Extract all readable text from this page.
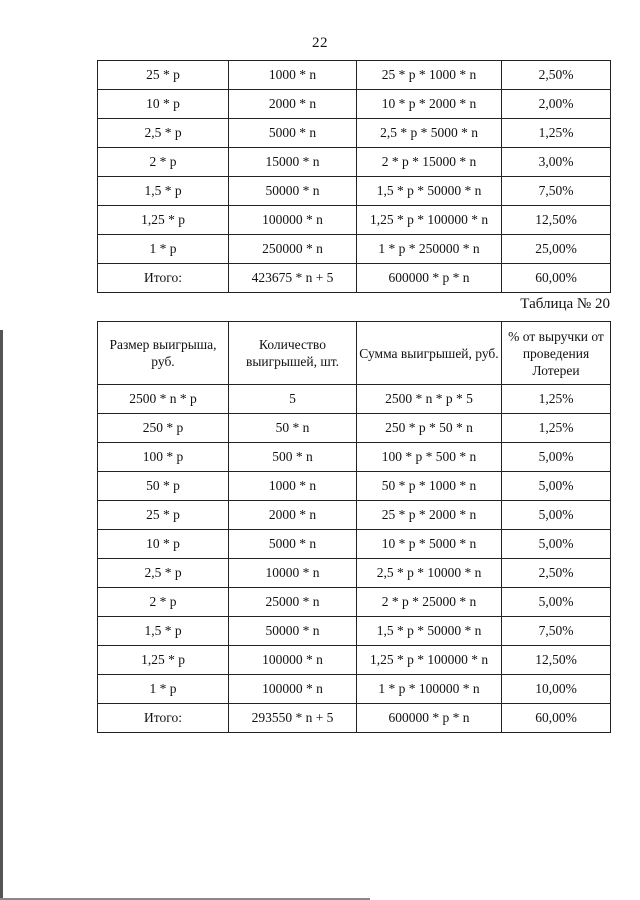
22
25 * p	1000 * n	25 * p * 1000 * n	2,50%
10 * p	2000 * n	10 * p * 2000 * n	2,00%
2,5 * p	5000 * n	2,5 * p * 5000 * n	1,25%
2 * p	15000 * n	2 * p * 15000 * n	3,00%
1,5 * p	50000 * n	1,5 * p * 50000 * n	7,50%
1,25 * p	100000 * n	1,25 * p * 100000 * n	12,50%
1 * p	250000 * n	1 * p * 250000 * n	25,00%
Итого:	423675 * n + 5	600000 * p * n	60,00%
Таблица № 20
Размер выигрыша, руб.	Количество выигрышей, шт.	Сумма выигрышей, руб.	% от выручки от проведения Лотереи
2500 * n * p	5	2500 * n * p * 5	1,25%
250 * p	50 * n	250 * p * 50 * n	1,25%
100 * p	500 * n	100 * p * 500 * n	5,00%
50 * p	1000 * n	50 * p * 1000 * n	5,00%
25 * p	2000 * n	25 * p * 2000 * n	5,00%
10 * p	5000 * n	10 * p * 5000 * n	5,00%
2,5 * p	10000 * n	2,5 * p * 10000 * n	2,50%
2 * p	25000 * n	2 * p * 25000 * n	5,00%
1,5 * p	50000 * n	1,5 * p * 50000 * n	7,50%
1,25 * p	100000 * n	1,25 * p * 100000 * n	12,50%
1 * p	100000 * n	1 * p * 100000 * n	10,00%
Итого:	293550 * n + 5	600000 * p * n	60,00%
